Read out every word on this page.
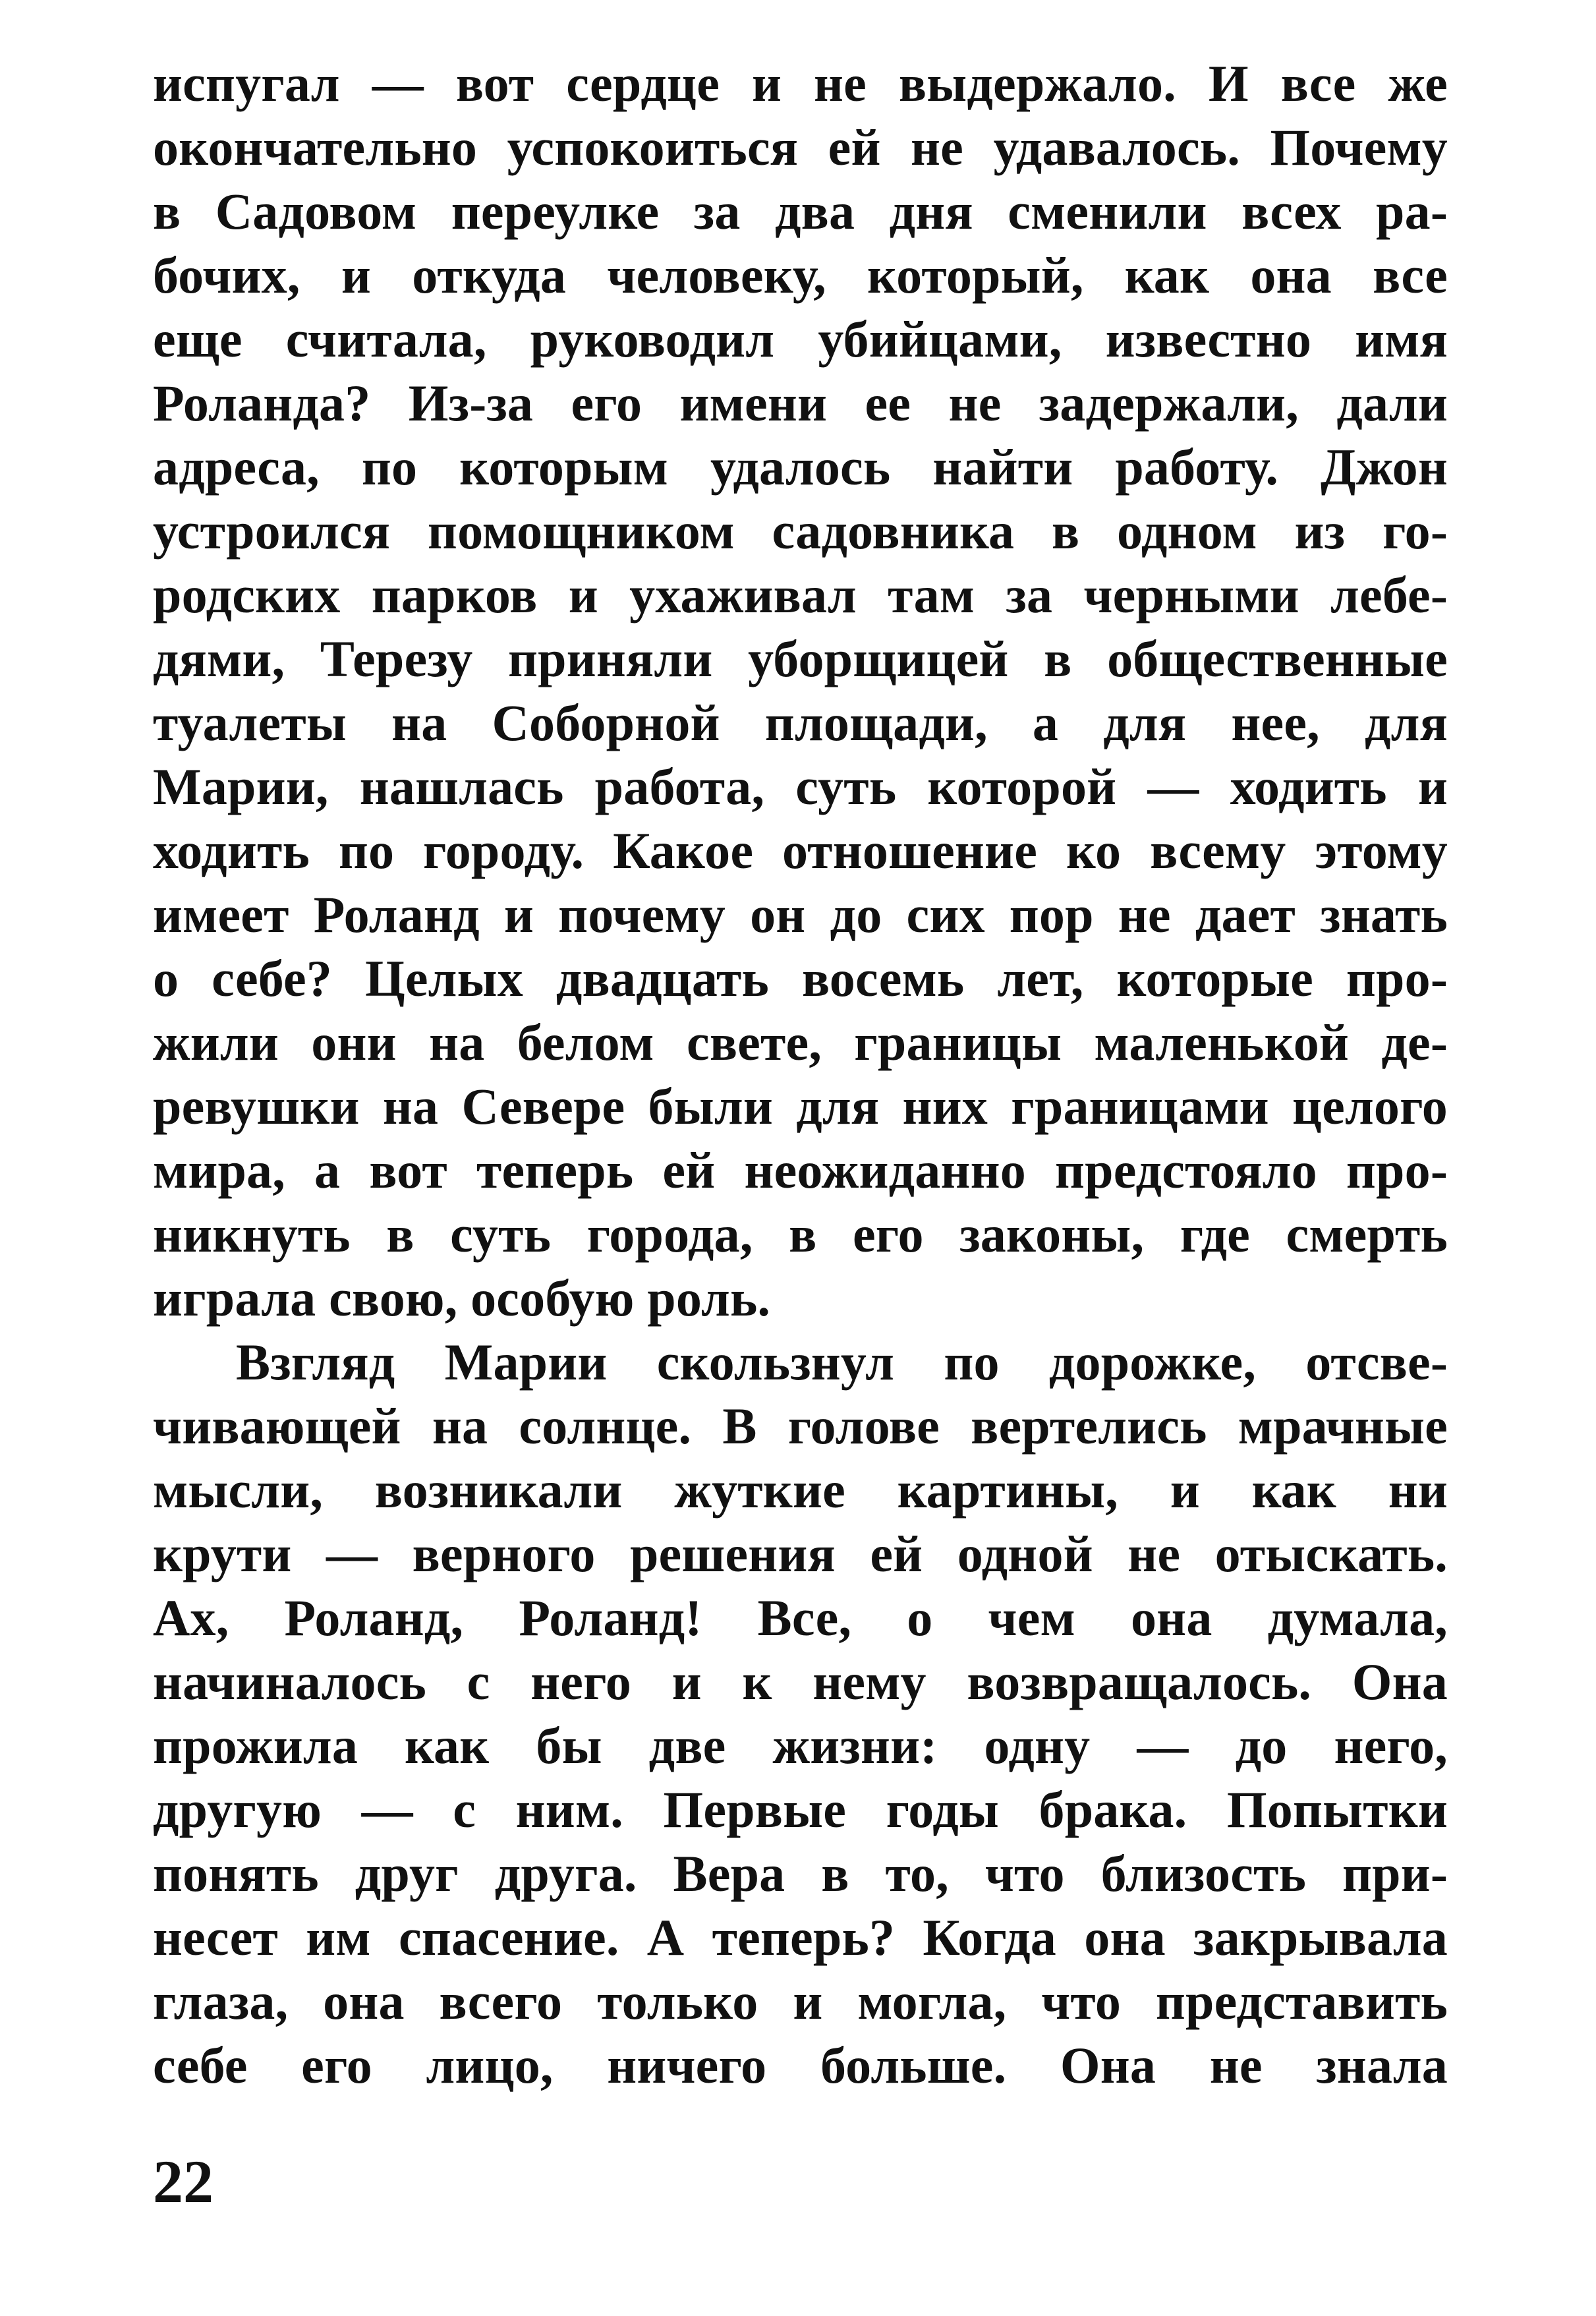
испугал — вот сердце и не выдержало. И все же
окончательно успокоиться ей не удавалось. Почему
в Садовом переулке за два дня сменили всех ра-
бочих, и откуда человеку, который, как она все
еще считала, руководил убийцами, известно имя
Роланда? Из-за его имени ее не задержали, дали
адреса, по которым удалось найти работу. Джон
устроился помощником садовника в одном из го-
родских парков и ухаживал там за черными лебе-
дями, Терезу приняли уборщицей в общественные
туалеты на Соборной площади, а для нее, для
Марии, нашлась работа, суть которой — ходить и
ходить по городу. Какое отношение ко всему этому
имеет Роланд и почему он до сих пор не дает знать
о себе? Целых двадцать восемь лет, которые про-
жили они на белом свете, границы маленькой де-
ревушки на Севере были для них границами целого
мира, а вот теперь ей неожиданно предстояло про-
никнуть в суть города, в его законы, где смерть
играла свою, особую роль.
Взгляд Марии скользнул по дорожке, отсве-
чивающей на солнце. В голове вертелись мрачные
мысли, возникали жуткие картины, и как ни
крути — верного решения ей одной не отыскать.
Ах, Роланд, Роланд! Все, о чем она думала,
начиналось с него и к нему возвращалось. Она
прожила как бы две жизни: одну — до него,
другую — с ним. Первые годы брака. Попытки
понять друг друга. Вера в то, что близость при-
несет им спасение. А теперь? Когда она закрывала
глаза, она всего только и могла, что представить
себе его лицо, ничего больше. Она не знала
22
